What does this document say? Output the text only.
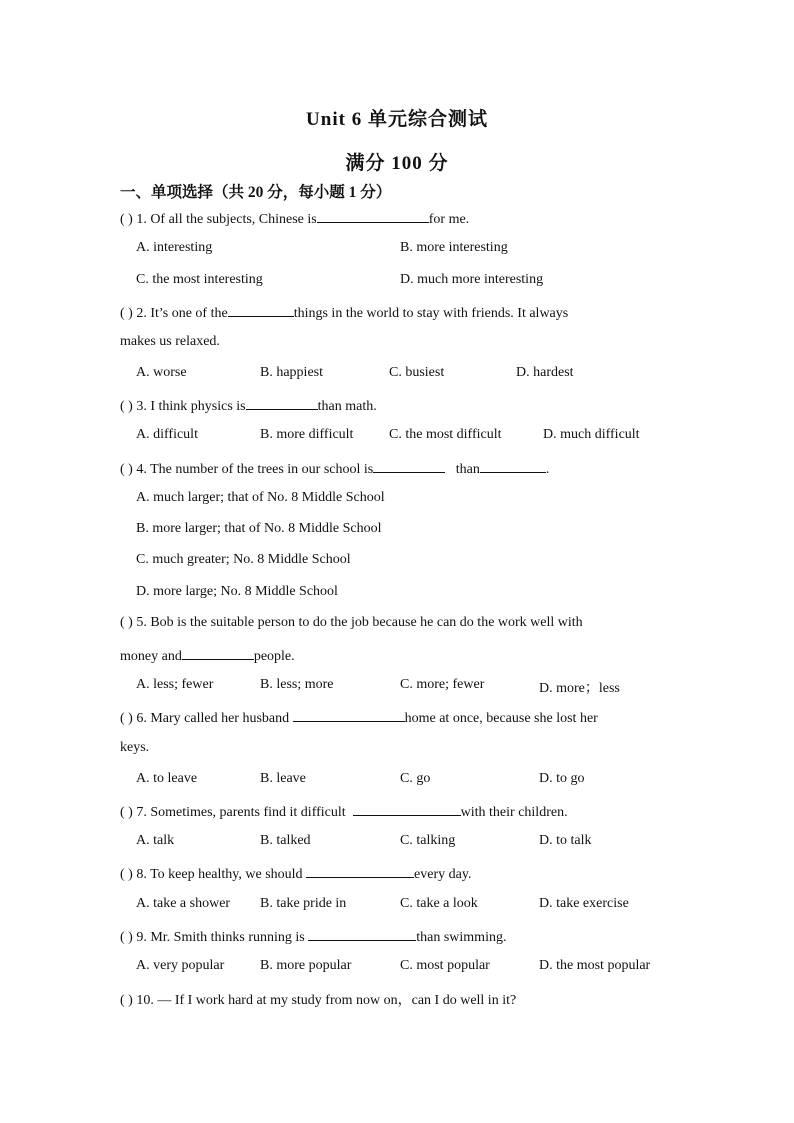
Unit 6 单元综合测试
满分 100 分
一、单项选择（共 20 分，每小题 1 分）
( ) 1. Of all the subjects, Chinese is	for me.
A. interesting	B. more interesting
C. the most interesting	D. much more interesting
( ) 2. It’s one of the	things in the world to stay with friends. It always
makes us relaxed.
A. worse	B. happiest	C. busiest	D. hardest
( ) 3. I think physics is	than math.
A. difficult	B. more difficult	C. the most difficult	D. much difficult
( ) 4. The number of the trees in our school is	than	.
A. much larger; that of No. 8 Middle School
B. more larger; that of No. 8 Middle School
C. much greater; No. 8 Middle School
D. more large; No. 8 Middle School
( ) 5. Bob is the suitable person to do the job because he can do the work well with
money and	people.
A. less; fewer	B. less; more	C. more; fewer	D. more；less
( ) 6. Mary called her husband	home at once, because she lost her
keys.
A. to leave	B. leave	C. go	D. to go
( ) 7. Sometimes, parents find it difficult	with their children.
A. talk	B. talked	C. talking	D. to talk
( ) 8. To keep healthy, we should	every day.
A. take a shower B. take pride in	C. take a look	D. take exercise
( ) 9. Mr. Smith thinks running is	than swimming.
A. very popular	B. more popular	C. most popular	D. the most popular
( ) 10. — If I work hard at my study from now on，can I do well in it?
